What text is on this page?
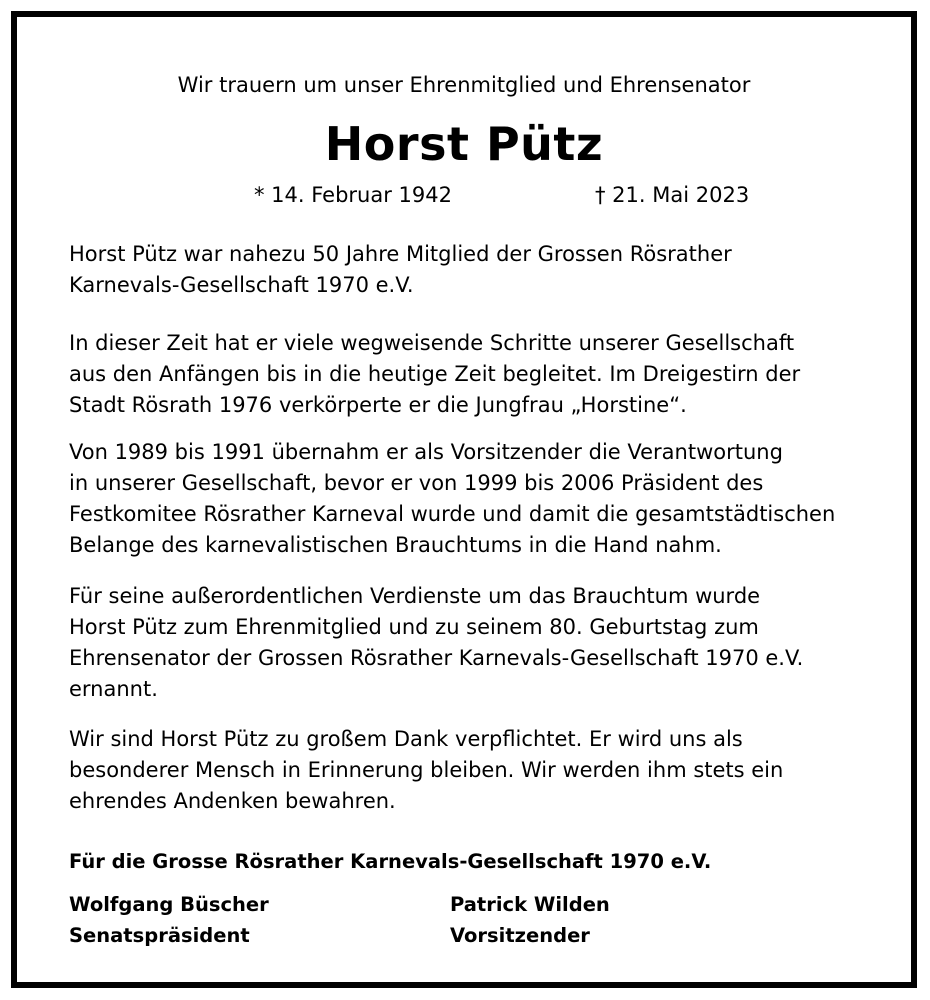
Wir trauern um unser Ehrenmitglied und Ehrensenator
Horst Pütz
* 14. Februar 1942	† 21. Mai 2023
Horst Pütz war nahezu 50 Jahre Mitglied der Grossen Rösrather
Karnevals-Gesellschaft 1970 e.V.
In dieser Zeit hat er viele wegweisende Schritte unserer Gesellschaft
aus den Anfängen bis in die heutige Zeit begleitet. Im Dreigestirn der
Stadt Rösrath 1976 verkörperte er die Jungfrau „Horstine“.
Von 1989 bis 1991 übernahm er als Vorsitzender die Verantwortung
in unserer Gesellschaft, bevor er von 1999 bis 2006 Präsident des
Festkomitee Rösrather Karneval wurde und damit die gesamtstädtischen
Belange des karnevalistischen Brauchtums in die Hand nahm.
Für seine außerordentlichen Verdienste um das Brauchtum wurde
Horst Pütz zum Ehrenmitglied und zu seinem 80. Geburtstag zum
Ehrensenator der Grossen Rösrather Karnevals-Gesellschaft 1970 e.V.
ernannt.
Wir sind Horst Pütz zu großem Dank verpflichtet. Er wird uns als
besonderer Mensch in Erinnerung bleiben. Wir werden ihm stets ein
ehrendes Andenken bewahren.
Für die Grosse Rösrather Karnevals-Gesellschaft 1970 e.V.
Wolfgang Büscher
Senatspräsident
Patrick Wilden
Vorsitzender
